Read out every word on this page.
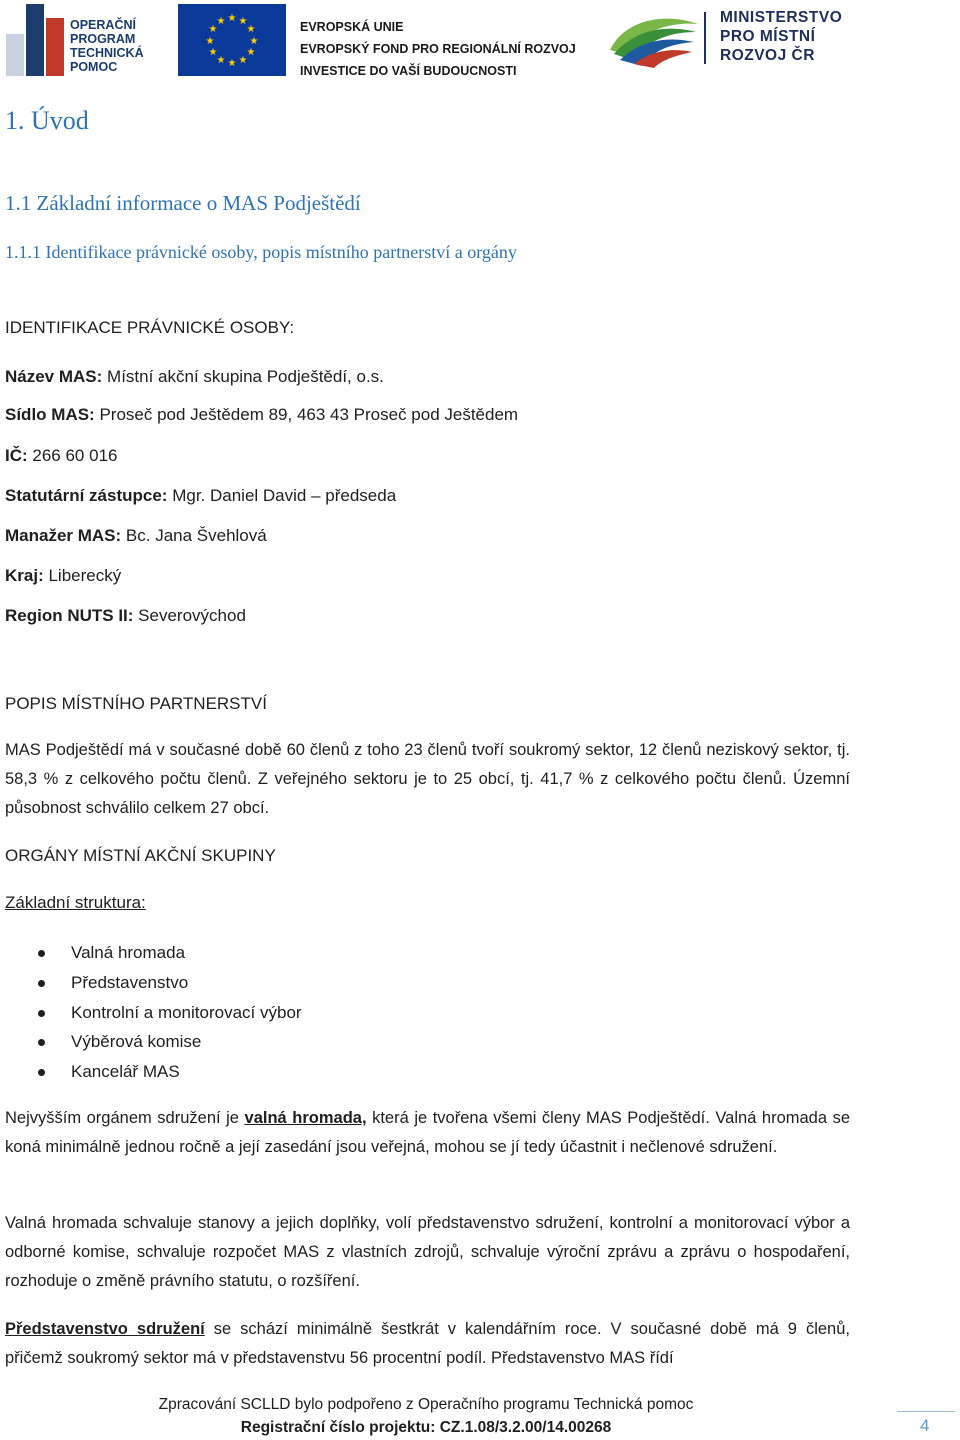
OPERAČNÍ
PROGRAM
TECHNICKÁ
POMOC
★ ★
★
★
★
★
★
★
★
★
★
★	EVROPSKÁ UNIE
EVROPSKÝ FOND PRO REGIONÁLNÍ ROZVOJ
INVESTICE DO VAŠÍ BUDOUCNOSTI
MINISTERSTVO
PRO MÍSTNÍ
ROZVOJ ČR
1. Úvod
1.1 Základní informace o MAS Podještědí
1.1.1 Identifikace právnické osoby, popis místního partnerství a orgány
IDENTIFIKACE PRÁVNICKÉ OSOBY:
Název MAS: Místní akční skupina Podještědí, o.s.
Sídlo MAS: Proseč pod Ještědem 89, 463 43 Proseč pod Ještědem
IČ: 266 60 016
Statutární zástupce: Mgr. Daniel David – předseda
Manažer MAS: Bc. Jana Švehlová
Kraj: Liberecký
Region NUTS II: Severovýchod
POPIS MÍSTNÍHO PARTNERSTVÍ
MAS Podještědí má v současné době 60 členů z toho 23 členů tvoří soukromý sektor, 12 členů neziskový sektor, tj. 58,3 % z celkového počtu členů. Z veřejného sektoru je to 25 obcí, tj. 41,7 % z celkového počtu členů. Územní působnost schválilo celkem 27 obcí.
ORGÁNY MÍSTNÍ AKČNÍ SKUPINY
Základní struktura:
Valná hromada
Představenstvo
Kontrolní a monitorovací výbor
Výběrová komise
Kancelář MAS
Nejvyšším orgánem sdružení je valná hromada, která je tvořena všemi členy MAS Podještědí. Valná hromada se koná minimálně jednou ročně a její zasedání jsou veřejná, mohou se jí tedy účastnit i nečlenové sdružení.
Valná hromada schvaluje stanovy a jejich doplňky, volí představenstvo sdružení, kontrolní a monitorovací výbor a odborné komise, schvaluje rozpočet MAS z vlastních zdrojů, schvaluje výroční zprávu a zprávu o hospodaření, rozhoduje o změně právního statutu, o rozšíření.
Představenstvo sdružení se schází minimálně šestkrát v kalendářním roce. V současné době má 9 členů, přičemž soukromý sektor má v představenstvu 56 procentní podíl. Představenstvo MAS řídí
Zpracování SCLLD bylo podpořeno z Operačního programu Technická pomoc
Registrační číslo projektu: CZ.1.08/3.2.00/14.00268	4
